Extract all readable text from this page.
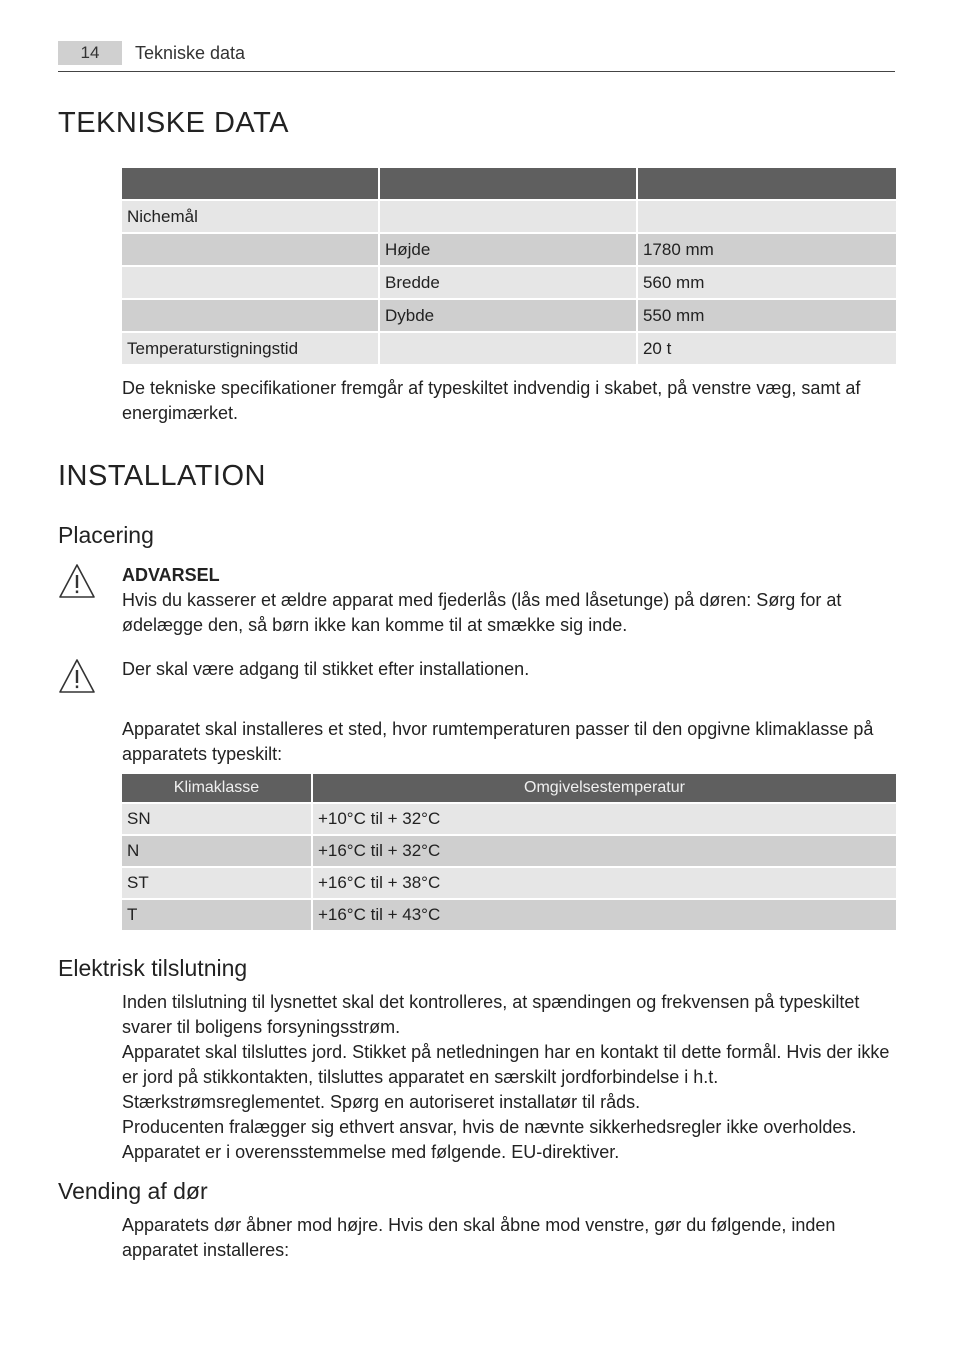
14	Tekniske data
TEKNISKE DATA

Nichemål		
	Højde	1780 mm
	Bredde	560 mm
	Dybde	550 mm
Temperaturstigningstid		20 t
De tekniske specifikationer fremgår af typeskiltet indvendig i skabet, på venstre væg, samt af energimærket.
INSTALLATION
Placering
ADVARSEL
Hvis du kasserer et ældre apparat med fjederlås (lås med låsetunge) på døren: Sørg for at ødelægge den, så børn ikke kan komme til at smække sig inde.
Der skal være adgang til stikket efter installationen.
Apparatet skal installeres et sted, hvor rumtemperaturen passer til den opgivne klimaklasse på apparatets typeskilt:
Klimaklasse	Omgivelsestemperatur
SN	+10°C til + 32°C
N	+16°C til + 32°C
ST	+16°C til + 38°C
T	+16°C til + 43°C
Elektrisk tilslutning

Inden tilslutning til lysnettet skal det kontrolleres, at spændingen og frekvensen på typeskiltet svarer til boligens forsyningsstrøm.

Apparatet skal tilsluttes jord. Stikket på netledningen har en kontakt til dette formål. Hvis der ikke er jord på stikkontakten, tilsluttes apparatet en særskilt jordforbindelse i h.t. Stærkstrømsreglementet. Spørg en autoriseret installatør til råds.

Producenten fralægger sig ethvert ansvar, hvis de nævnte sikkerhedsregler ikke overholdes.

Apparatet er i overensstemmelse med følgende. EU-direktiver.

Vending af dør
Apparatets dør åbner mod højre. Hvis den skal åbne mod venstre, gør du følgende, inden apparatet installeres:
